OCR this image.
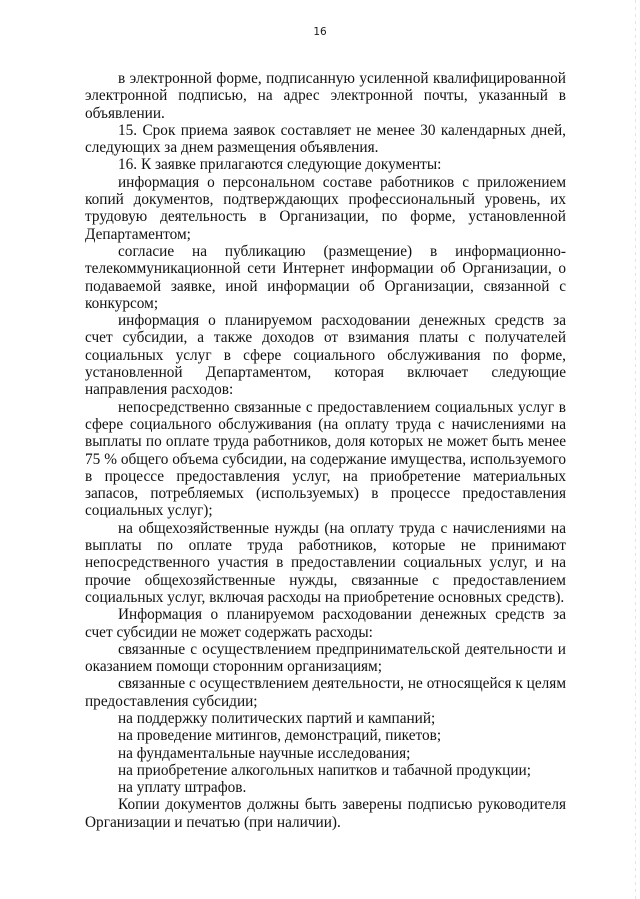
16

в электронной форме, подписанную усиленной квалифицированной электронной подписью, на адрес электронной почты, указанный в объявлении.

15. Срок приема заявок составляет не менее 30 календарных дней, следующих за днем размещения объявления.

16. К заявке прилагаются следующие документы:

информация о персональном составе работников с приложением копий документов, подтверждающих профессиональный уровень, их трудовую деятельность в Организации, по форме, установленной Департаментом;

согласие на публикацию (размещение) в информационно-телекоммуникационной сети Интернет информации об Организации, о подаваемой заявке, иной информации об Организации, связанной с конкурсом;

информация о планируемом расходовании денежных средств за счет субсидии, а также доходов от взимания платы с получателей социальных услуг в сфере социального обслуживания по форме, установленной Департаментом, которая включает следующие направления расходов:

непосредственно связанные с предоставлением социальных услуг в сфере социального обслуживания (на оплату труда с начислениями на выплаты по оплате труда работников, доля которых не может быть менее 75 % общего объема субсидии, на содержание имущества, используемого в процессе предоставления услуг, на приобретение материальных запасов, потребляемых (используемых) в процессе предоставления социальных услуг);

на общехозяйственные нужды (на оплату труда с начислениями на выплаты по оплате труда работников, которые не принимают непосредственного участия в предоставлении социальных услуг, и на прочие общехозяйственные нужды, связанные с предоставлением социальных услуг, включая расходы на приобретение основных средств).

Информация о планируемом расходовании денежных средств за счет субсидии не может содержать расходы:

связанные с осуществлением предпринимательской деятельности и оказанием помощи сторонним организациям;

связанные с осуществлением деятельности, не относящейся к целям предоставления субсидии;

на поддержку политических партий и кампаний;

на проведение митингов, демонстраций, пикетов;

на фундаментальные научные исследования;

на приобретение алкогольных напитков и табачной продукции;

на уплату штрафов.

Копии документов должны быть заверены подписью руководителя Организации и печатью (при наличии).
